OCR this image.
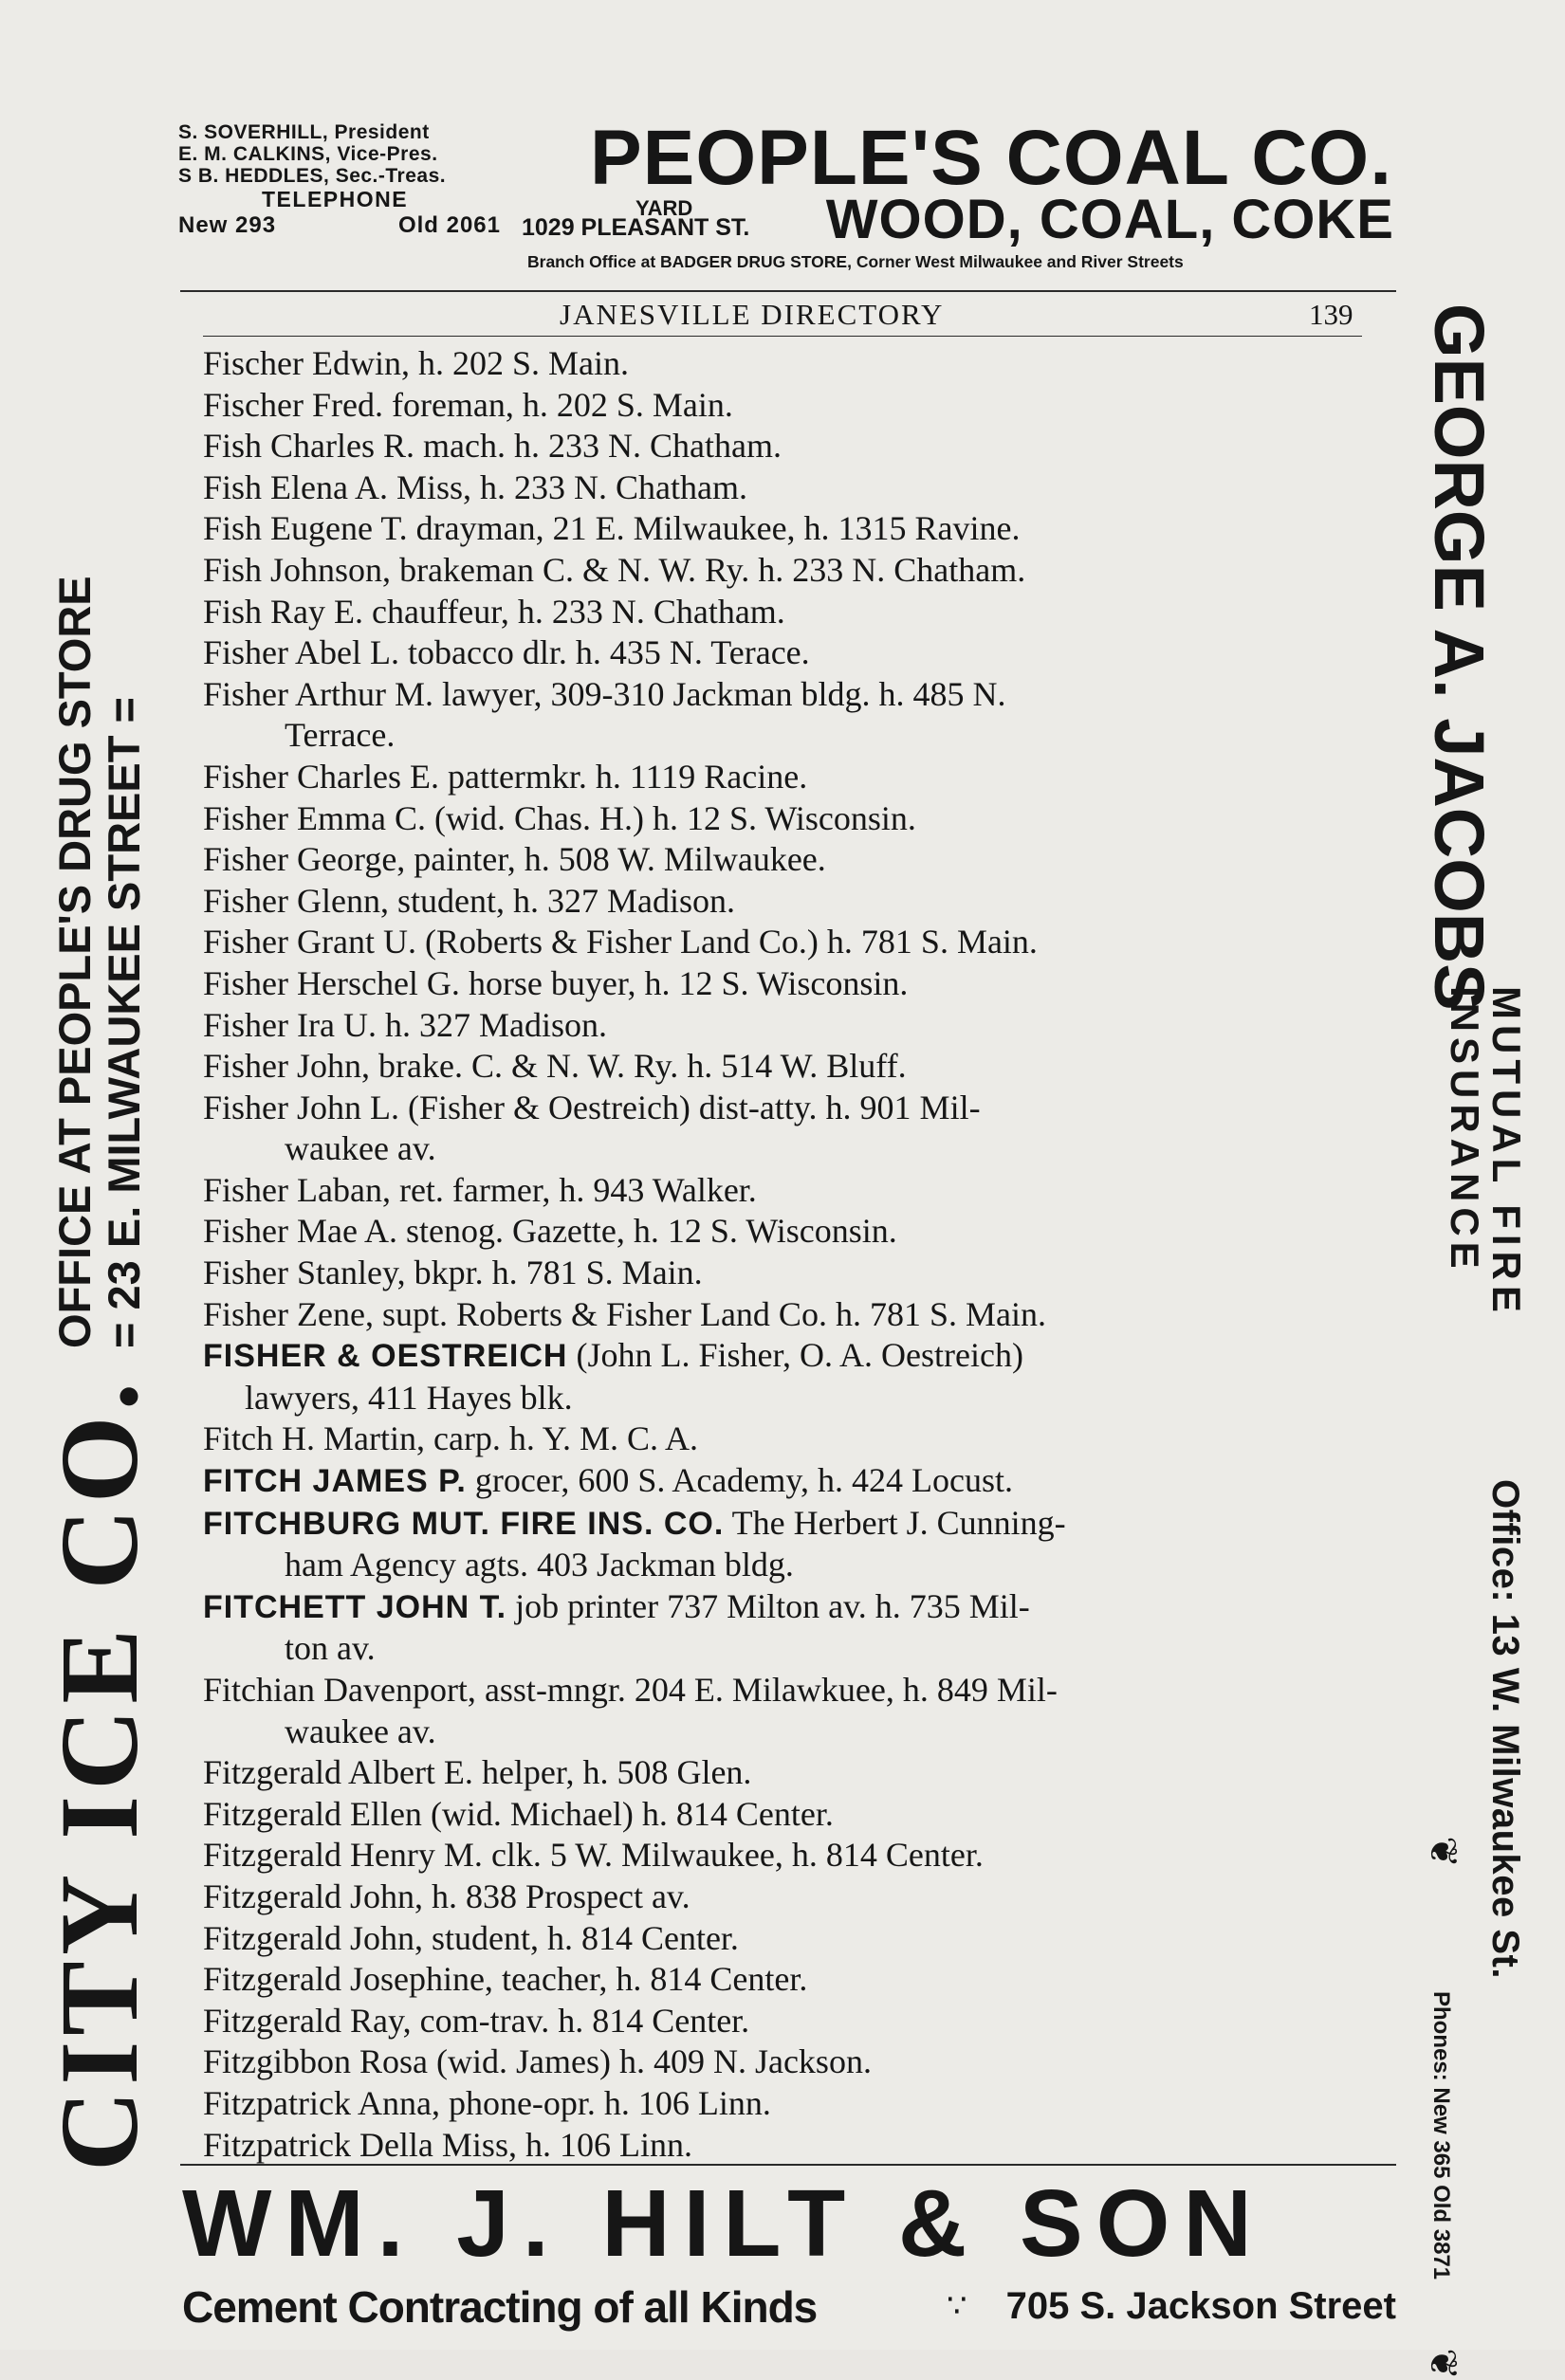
S. SOVERHILL, President
E. M. CALKINS, Vice-Pres.
S B. HEDDLES, Sec.-Treas.
TELEPHONE
New 293	Old 2061
PEOPLE'S COAL CO.
YARD
1029 PLEASANT ST. WOOD, COAL, COKE
Branch Office at BADGER DRUG STORE, Corner West Milwaukee and River Streets
JANESVILLE DIRECTORY	139
Fischer Edwin, h. 202 S. Main.
Fischer Fred. foreman, h. 202 S. Main.
Fish Charles R. mach. h. 233 N. Chatham.
Fish Elena A. Miss, h. 233 N. Chatham.
Fish Eugene T. drayman, 21 E. Milwaukee, h. 1315 Ravine.
Fish Johnson, brakeman C. & N. W. Ry. h. 233 N. Chatham.
Fish Ray E. chauffeur, h. 233 N. Chatham.
Fisher Abel L. tobacco dlr. h. 435 N. Terace.
Fisher Arthur M. lawyer, 309-310 Jackman bldg. h. 485 N.
Terrace.
Fisher Charles E. pattermkr. h. 1119 Racine.
Fisher Emma C. (wid. Chas. H.) h. 12 S. Wisconsin.
Fisher George, painter, h. 508 W. Milwaukee.
Fisher Glenn, student, h. 327 Madison.
Fisher Grant U. (Roberts & Fisher Land Co.) h. 781 S. Main.
Fisher Herschel G. horse buyer, h. 12 S. Wisconsin.
Fisher Ira U. h. 327 Madison.
Fisher John, brake. C. & N. W. Ry. h. 514 W. Bluff.
Fisher John L. (Fisher & Oestreich) dist-atty. h. 901 Mil-
waukee av.
Fisher Laban, ret. farmer, h. 943 Walker.
Fisher Mae A. stenog. Gazette, h. 12 S. Wisconsin.
Fisher Stanley, bkpr. h. 781 S. Main.
Fisher Zene, supt. Roberts & Fisher Land Co. h. 781 S. Main.
FISHER & OESTREICH (John L. Fisher, O. A. Oestreich)
lawyers, 411 Hayes blk.
Fitch H. Martin, carp. h. Y. M. C. A.
FITCH JAMES P. grocer, 600 S. Academy, h. 424 Locust.
FITCHBURG MUT. FIRE INS. CO. The Herbert J. Cunning-
ham Agency agts. 403 Jackman bldg.
FITCHETT JOHN T. job printer 737 Milton av. h. 735 Mil-
ton av.
Fitchian Davenport, asst-mngr. 204 E. Milawkuee, h. 849 Mil-
waukee av.
Fitzgerald Albert E. helper, h. 508 Glen.
Fitzgerald Ellen (wid. Michael) h. 814 Center.
Fitzgerald Henry M. clk. 5 W. Milwaukee, h. 814 Center.
Fitzgerald John, h. 838 Prospect av.
Fitzgerald John, student, h. 814 Center.
Fitzgerald Josephine, teacher, h. 814 Center.
Fitzgerald Ray, com-trav. h. 814 Center.
Fitzgibbon Rosa (wid. James) h. 409 N. Jackson.
Fitzpatrick Anna, phone-opr. h. 106 Linn.
Fitzpatrick Della Miss, h. 106 Linn.
CITY ICE CO.
OFFICE AT PEOPLE'S DRUG STORE = 23 E. MILWAUKEE STREET =
GEORGE A. JACOBS
MUTUAL FIRE
INSURANCE
Office: 13 W. Milwaukee St.
Phones: New 365 Old 3871
❦
❦
WM. J. HILT & SON
Cement Contracting of all Kinds	∵ 705 S. Jackson Street
